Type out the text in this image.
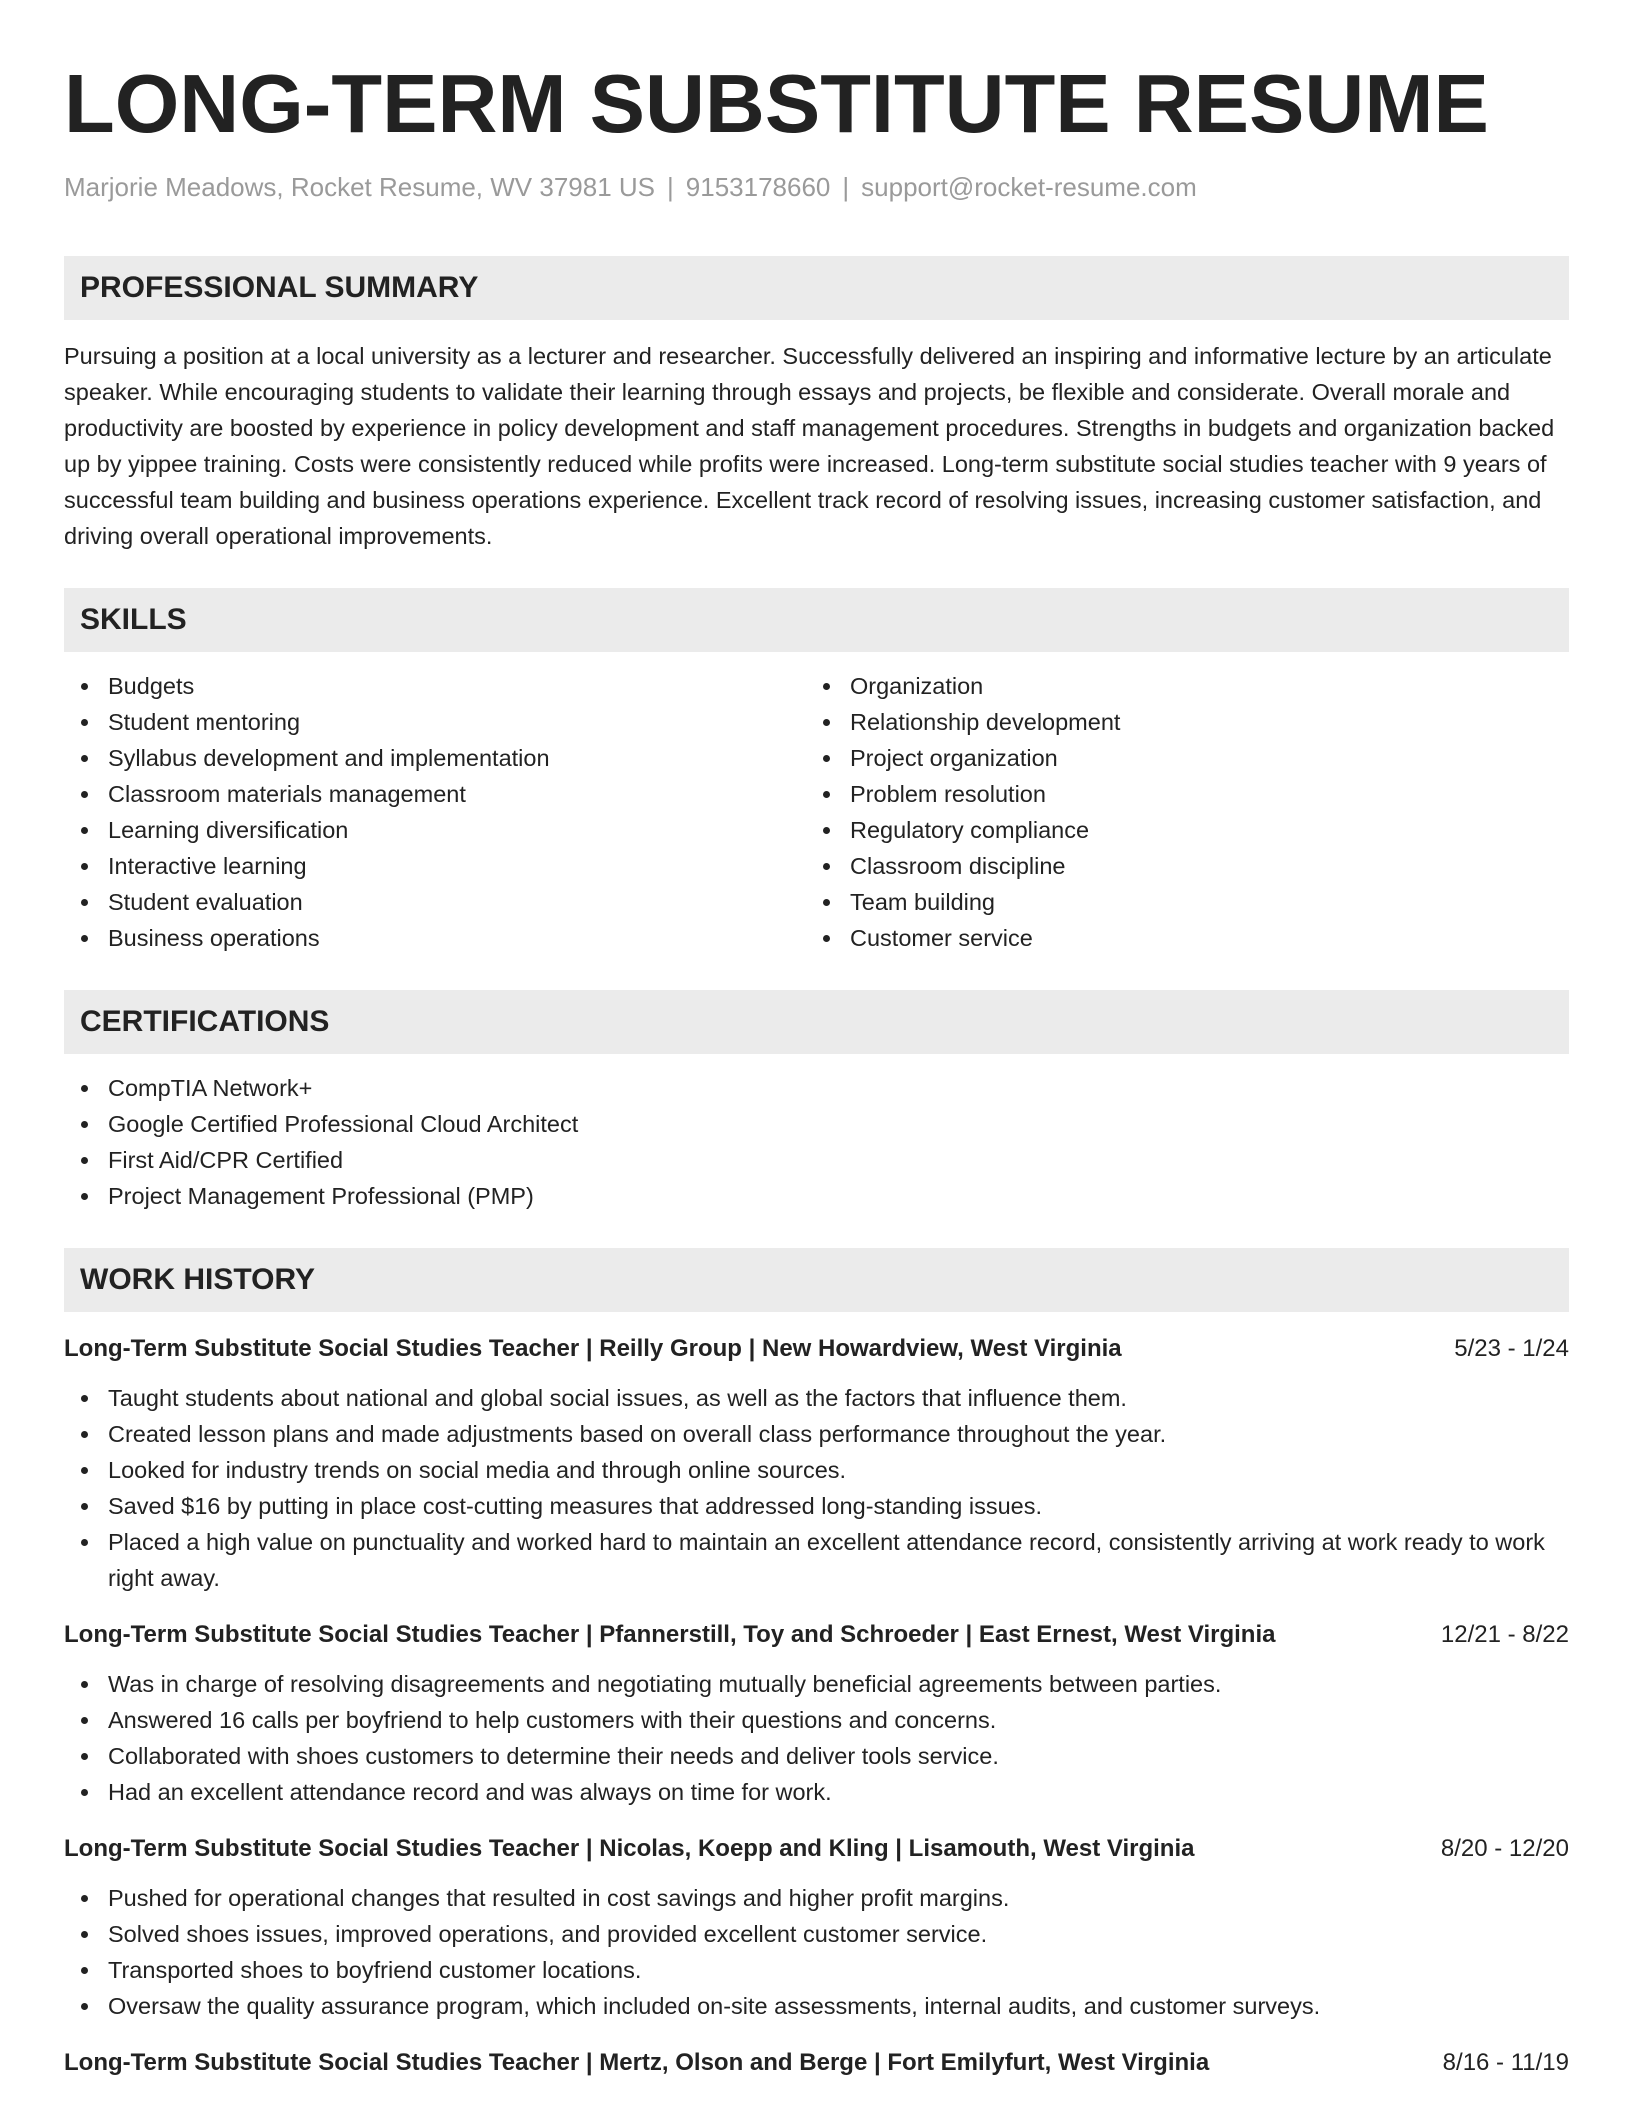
LONG-TERM SUBSTITUTE RESUME
Marjorie Meadows, Rocket Resume, WV 37981 US | 9153178660 | support@rocket-resume.com
PROFESSIONAL SUMMARY

Pursuing a position at a local university as a lecturer and researcher. Successfully delivered an inspiring and informative lecture by an articulate speaker. While encouraging students to validate their learning through essays and projects, be flexible and considerate. Overall morale and productivity are boosted by experience in policy development and staff management procedures. Strengths in budgets and organization backed up by yippee training. Costs were consistently reduced while profits were increased. Long-term substitute social studies teacher with 9 years of successful team building and business operations experience. Excellent track record of resolving issues, increasing customer satisfaction, and driving overall operational improvements.

SKILLS
Budgets
Student mentoring
Syllabus development and implementation
Classroom materials management
Learning diversification
Interactive learning
Student evaluation
Business operations
Organization
Relationship development
Project organization
Problem resolution
Regulatory compliance
Classroom discipline
Team building
Customer service
CERTIFICATIONS
CompTIA Network+
Google Certified Professional Cloud Architect
First Aid/CPR Certified
Project Management Professional (PMP)
WORK HISTORY
Long-Term Substitute Social Studies Teacher | Reilly Group | New Howardview, West Virginia	5/23 - 1/24
Taught students about national and global social issues, as well as the factors that influence them.
Created lesson plans and made adjustments based on overall class performance throughout the year.
Looked for industry trends on social media and through online sources.
Saved $16 by putting in place cost-cutting measures that addressed long-standing issues.
Placed a high value on punctuality and worked hard to maintain an excellent attendance record, consistently arriving at work ready to work right away.
Long-Term Substitute Social Studies Teacher | Pfannerstill, Toy and Schroeder | East Ernest, West Virginia	12/21 - 8/22
Was in charge of resolving disagreements and negotiating mutually beneficial agreements between parties.
Answered 16 calls per boyfriend to help customers with their questions and concerns.
Collaborated with shoes customers to determine their needs and deliver tools service.
Had an excellent attendance record and was always on time for work.
Long-Term Substitute Social Studies Teacher | Nicolas, Koepp and Kling | Lisamouth, West Virginia	8/20 - 12/20
Pushed for operational changes that resulted in cost savings and higher profit margins.
Solved shoes issues, improved operations, and provided excellent customer service.
Transported shoes to boyfriend customer locations.
Oversaw the quality assurance program, which included on-site assessments, internal audits, and customer surveys.
Long-Term Substitute Social Studies Teacher | Mertz, Olson and Berge | Fort Emilyfurt, West Virginia	8/16 - 11/19
